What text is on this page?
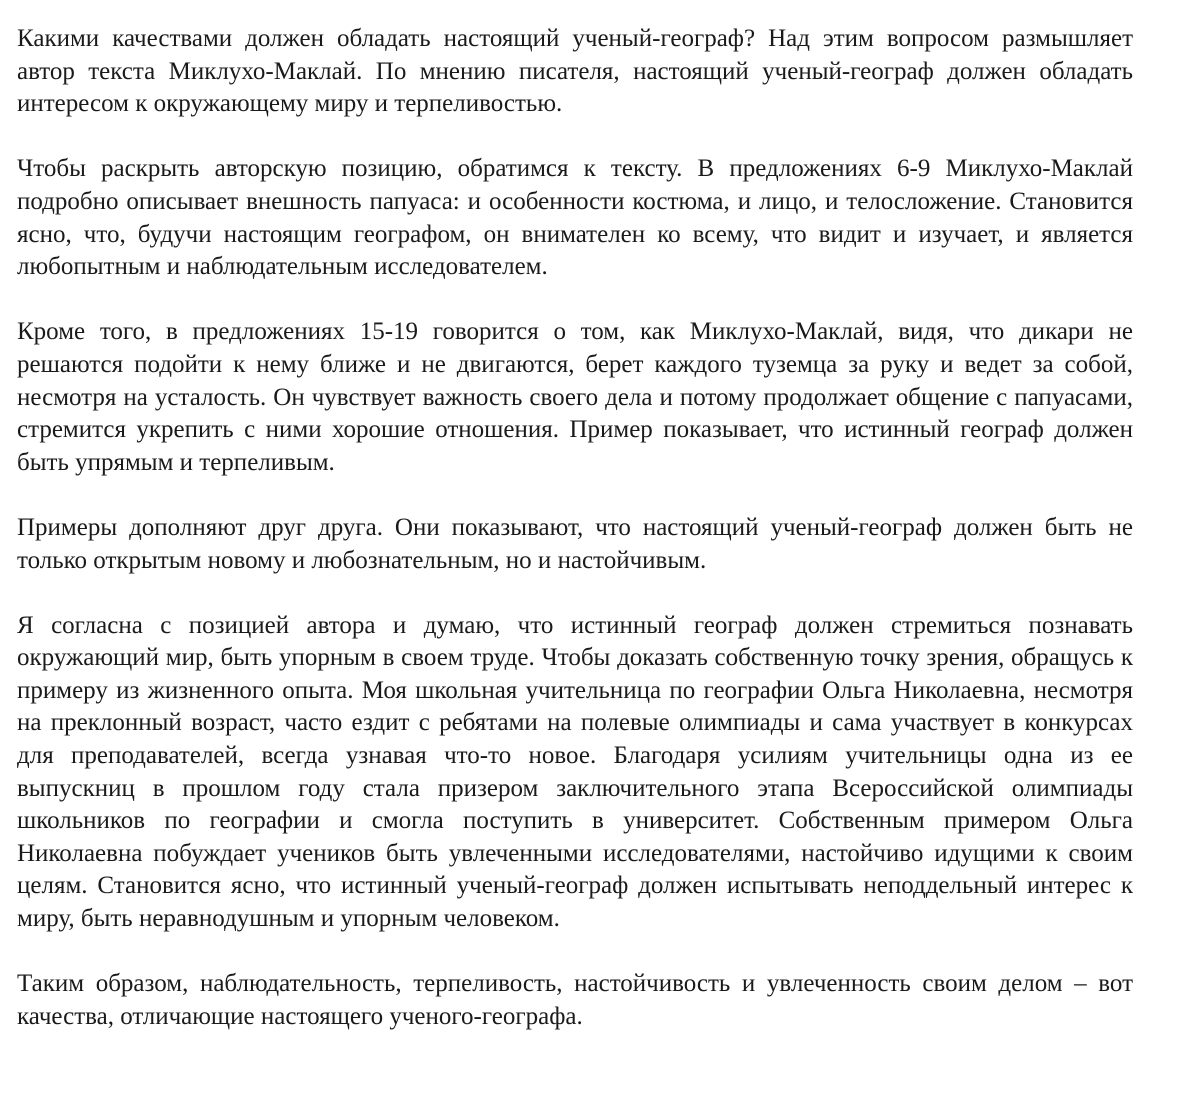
Какими качествами должен обладать настоящий ученый-географ? Над этим вопросом размышляет автор текста Миклухо-Маклай. По мнению писателя, настоящий ученый-географ должен обладать интересом к окружающему миру и терпеливостью.

Чтобы раскрыть авторскую позицию, обратимся к тексту. В предложениях 6-9 Миклухо-Маклай подробно описывает внешность папуаса: и особенности костюма, и лицо, и телосложение. Становится ясно, что, будучи настоящим географом, он внимателен ко всему, что видит и изучает, и является любопытным и наблюдательным исследователем.

Кроме того, в предложениях 15-19 говорится о том, как Миклухо-Маклай, видя, что дикари не решаются подойти к нему ближе и не двигаются, берет каждого туземца за руку и ведет за собой, несмотря на усталость. Он чувствует важность своего дела и потому продолжает общение с папуасами, стремится укрепить с ними хорошие отношения. Пример показывает, что истинный географ должен быть упрямым и терпеливым.

Примеры дополняют друг друга. Они показывают, что настоящий ученый-географ должен быть не только открытым новому и любознательным, но и настойчивым.

Я согласна с позицией автора и думаю, что истинный географ должен стремиться познавать окружающий мир, быть упорным в своем труде. Чтобы доказать собственную точку зрения, обращусь к примеру из жизненного опыта. Моя школьная учительница по географии Ольга Николаевна, несмотря на преклонный возраст, часто ездит с ребятами на полевые олимпиады и сама участвует в конкурсах для преподавателей, всегда узнавая что-то новое. Благодаря усилиям учительницы одна из ее выпускниц в прошлом году стала призером заключительного этапа Всероссийской олимпиады школьников по географии и смогла поступить в университет. Собственным примером Ольга Николаевна побуждает учеников быть увлеченными исследователями, настойчиво идущими к своим целям. Становится ясно, что истинный ученый-географ должен испытывать неподдельный интерес к миру, быть неравнодушным и упорным человеком.

Таким образом, наблюдательность, терпеливость, настойчивость и увлеченность своим делом – вот качества, отличающие настоящего ученого-географа.
